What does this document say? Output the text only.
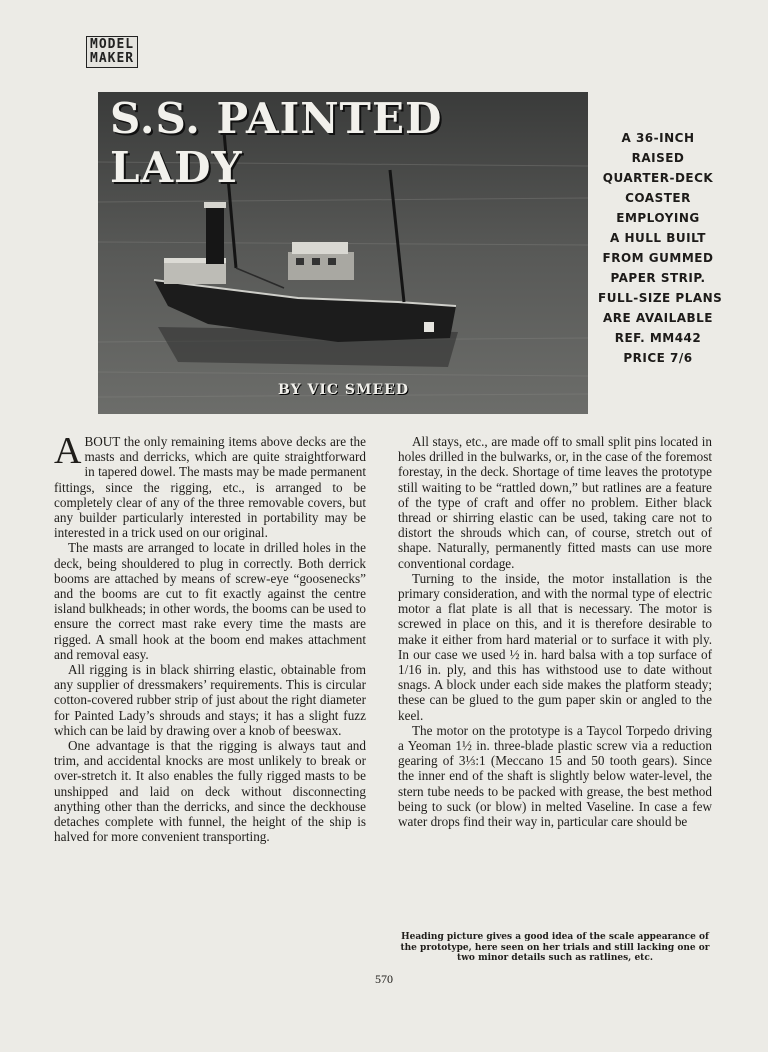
MODEL
MAKER
S.S. PAINTED LADY
BY VIC SMEED
A 36-INCH
RAISED
QUARTER-DECK
COASTER
EMPLOYING
A HULL BUILT
FROM GUMMED
PAPER STRIP.
FULL-SIZE PLANS
ARE AVAILABLE
REF. MM442
PRICE 7/6

ABOUT the only remaining items above decks are the masts and derricks, which are quite straightforward in tapered dowel. The masts may be made permanent fittings, since the rigging, etc., is arranged to be completely clear of any of the three removable covers, but any builder particularly interested in portability may be interested in a trick used on our original.

The masts are arranged to locate in drilled holes in the deck, being shouldered to plug in correctly. Both derrick booms are attached by means of screw-eye “goosenecks” and the booms are cut to fit exactly against the centre island bulkheads; in other words, the booms can be used to ensure the correct mast rake every time the masts are rigged. A small hook at the boom end makes attachment and removal easy.

All rigging is in black shirring elastic, obtainable from any supplier of dressmakers’ requirements. This is circular cotton-covered rubber strip of just about the right diameter for Painted Lady’s shrouds and stays; it has a slight fuzz which can be laid by drawing over a knob of beeswax.

One advantage is that the rigging is always taut and trim, and accidental knocks are most unlikely to break or over-stretch it. It also enables the fully rigged masts to be unshipped and laid on deck without disconnecting anything other than the derricks, and since the deckhouse detaches complete with funnel, the height of the ship is halved for more convenient transporting.

All stays, etc., are made off to small split pins located in holes drilled in the bulwarks, or, in the case of the foremost forestay, in the deck. Shortage of time leaves the prototype still waiting to be “rattled down,” but ratlines are a feature of the type of craft and offer no problem. Either black thread or shirring elastic can be used, taking care not to distort the shrouds which can, of course, stretch out of shape. Naturally, permanently fitted masts can use more conventional cordage.

Turning to the inside, the motor installation is the primary consideration, and with the normal type of electric motor a flat plate is all that is necessary. The motor is screwed in place on this, and it is therefore desirable to make it either from hard material or to surface it with ply. In our case we used ½ in. hard balsa with a top surface of 1/16 in. ply, and this has withstood use to date without snags. A block under each side makes the platform steady; these can be glued to the gum paper skin or angled to the keel.

The motor on the prototype is a Taycol Torpedo driving a Yeoman 1½ in. three-blade plastic screw via a reduction gearing of 3⅓:1 (Meccano 15 and 50 tooth gears). Since the inner end of the shaft is slightly below water-level, the stern tube needs to be packed with grease, the best method being to suck (or blow) in melted Vaseline. In case a few water drops find their way in, particular care should be

Heading picture gives a good idea of the scale appearance of the prototype, here seen on her trials and still lacking one or two minor details such as ratlines, etc.
570
